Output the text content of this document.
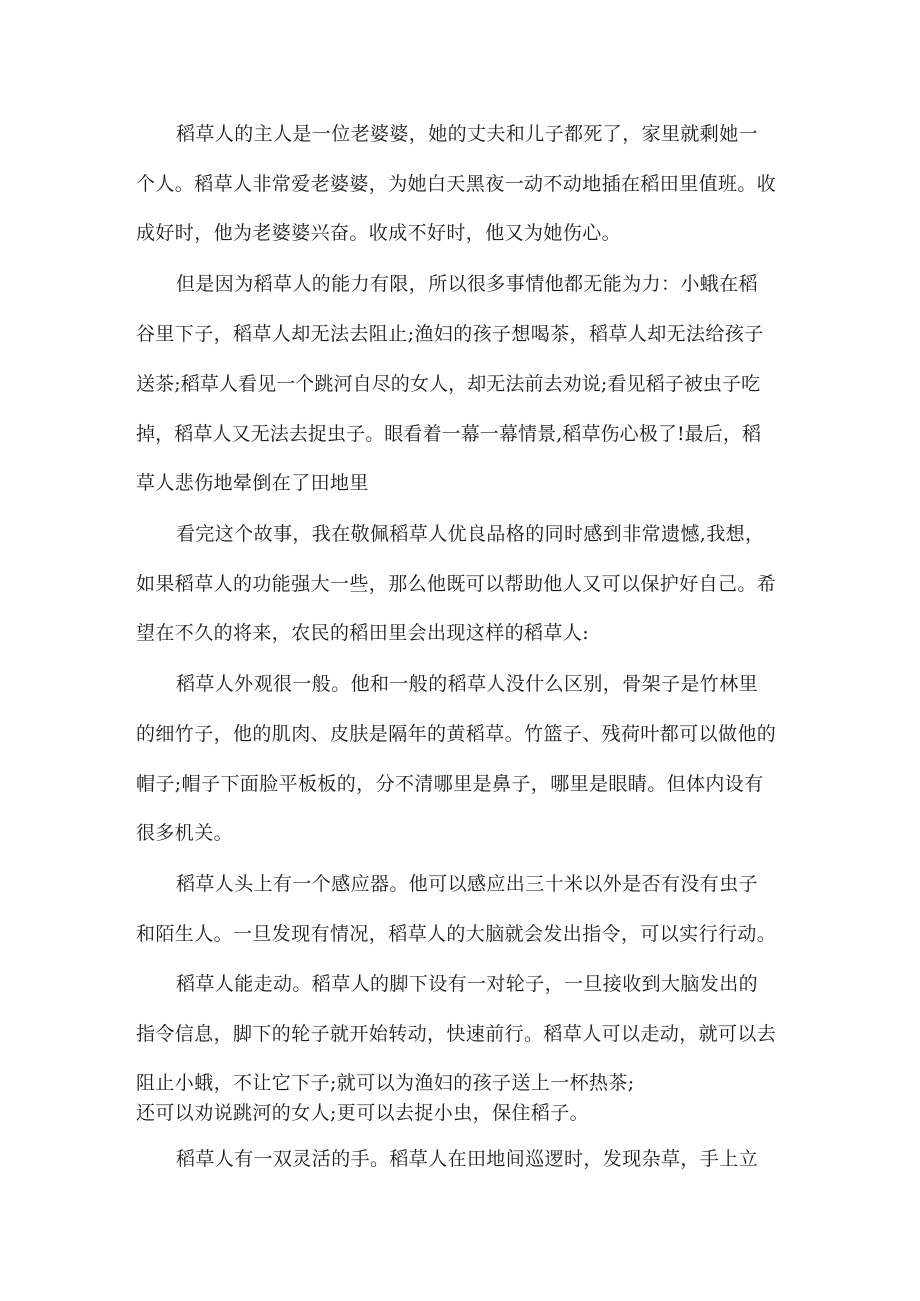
稻草人的主人是一位老婆婆，她的丈夫和儿子都死了，家里就剩她一
个人。稻草人非常爱老婆婆，为她白天黑夜一动不动地插在稻田里值班。收
成好时，他为老婆婆兴奋。收成不好时，他又为她伤心。
但是因为稻草人的能力有限，所以很多事情他都无能为力：小蛾在稻
谷里下子，稻草人却无法去阻止;渔妇的孩子想喝茶，稻草人却无法给孩子
送茶;稻草人看见一个跳河自尽的女人，却无法前去劝说;看见稻子被虫子吃
掉，稻草人又无法去捉虫子。眼看着一幕一幕情景,稻草伤心极了!最后，稻
草人悲伤地晕倒在了田地里
看完这个故事，我在敬佩稻草人优良品格的同时感到非常遗憾,我想，
如果稻草人的功能强大一些，那么他既可以帮助他人又可以保护好自己。希
望在不久的将来，农民的稻田里会出现这样的稻草人:
稻草人外观很一般。他和一般的稻草人没什么区别，骨架子是竹林里
的细竹子，他的肌肉、皮肤是隔年的黄稻草。竹篮子、残荷叶都可以做他的
帽子;帽子下面脸平板板的，分不清哪里是鼻子，哪里是眼睛。但体内设有
很多机关。
稻草人头上有一个感应器。他可以感应出三十米以外是否有没有虫子
和陌生人。一旦发现有情况，稻草人的大脑就会发出指令，可以实行行动。
稻草人能走动。稻草人的脚下设有一对轮子，一旦接收到大脑发出的
指令信息，脚下的轮子就开始转动，快速前行。稻草人可以走动，就可以去
阻止小蛾，不让它下子;就可以为渔妇的孩子送上一杯热茶;
还可以劝说跳河的女人;更可以去捉小虫，保住稻子。
稻草人有一双灵活的手。稻草人在田地间巡逻时，发现杂草，手上立
